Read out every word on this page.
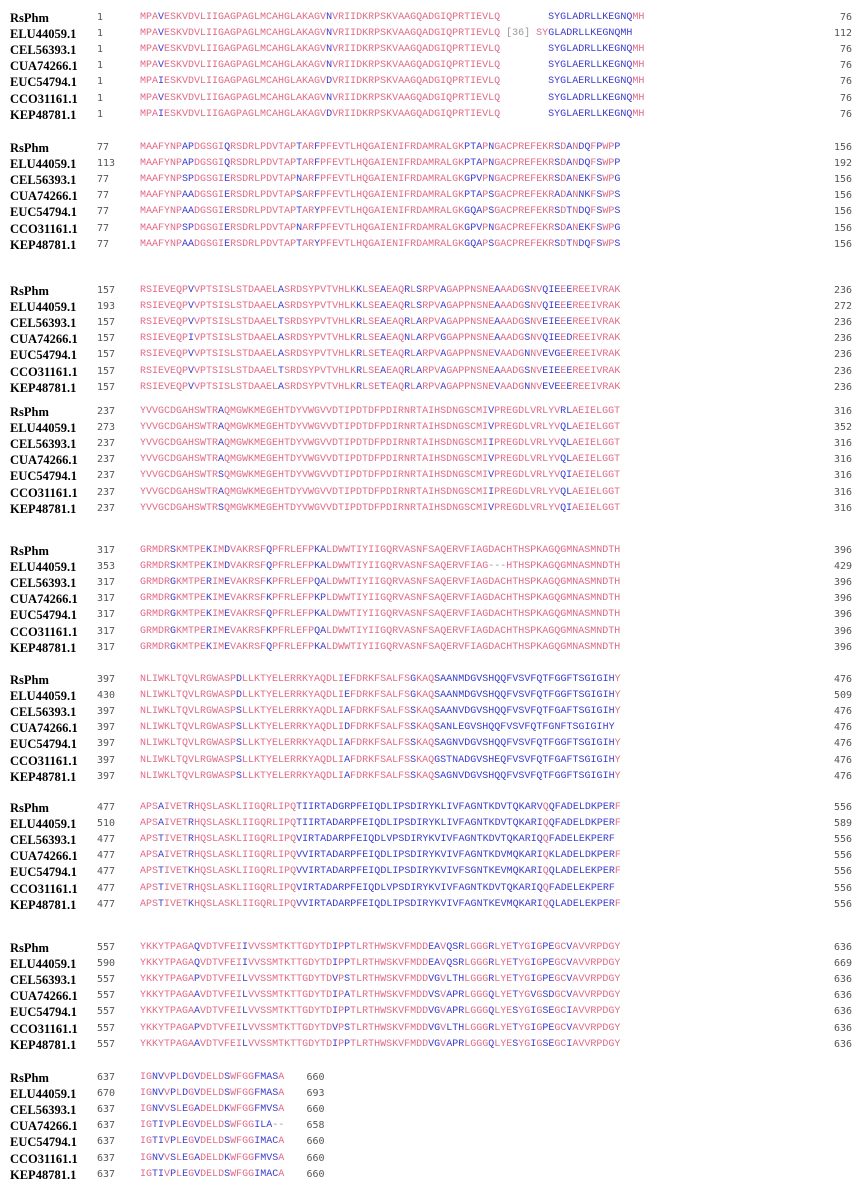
RsPhm	1	MPAVESKVDVLIIGAGPAGLMCAHGLAKAGVNVRIIDKRPSKVAAGQADGIQPRTIEVLQ        SYGLADRLLKEGNQMH	76
ELU44059.1 1	MPAVESKVDVLIIGAGPAGLMCAHGLAKAGVNVRIIDKRPSKVAAGQADGIQPRTIEVLQ [36] SYGLADRLLKEGNQMH	112
CEL56393.1 1	MPAVESKVDVLIIGAGPAGLMCAHGLAKAGVNVRIIDKRPSKVAAGQADGIQPRTIEVLQ        SYGLADRLLKEGNQMH	76
CUA74266.1 1	MPAVESKVDVLIIGAGPAGLMCAHGLAKAGVNVRIIDKRPSKVAAGQADGIQPRTIEVLQ        SYGLAERLLKEGNQMH	76
EUC54794.1 1	MPAIESKVDVLIIGAGPAGLMCAHGLAKAGVDVRIIDKRPSKVAAGQADGIQPRTIEVLQ        SYGLAERLLKEGNQMH	76
CCO31161.1 1	MPAVESKVDVLIIGAGPAGLMCAHGLAKAGVNVRIIDKRPSKVAAGQADGIQPRTIEVLQ        SYGLADRLLKEGNQMH	76
KEP48781.1 1	MPAIESKVDVLIIGAGPAGLMCAHGLAKAGVDVRIIDKRPSKVAAGQADGIQPRTIEVLQ        SYGLAERLLKEGNQMH	76
RsPhm	77	MAAFYNPAPDGSGIQRSDRLPDVTAPTARFPFEVTLHQGAIENIFRDAMRALGKPTAPNGACPREFEKRSDANDQFPWPP	156
ELU44059.1 113	MAAFYNPAPDGSGIQRSDRLPDVTAPTARFPFEVTLHQGAIENIFRDAMRALGKPTAPNGACPREFEKRSDANDQFSWPP	192
CEL56393.1 77	MAAFYNPSPDGSGIERSDRLPDVTAPNARFPFEVTLHQGAIENIFRDAMRALGKGPVPNGACPREFEKRSDANEKFSWPG	156
CUA74266.1 77	MAAFYNPAADGSGIERSDRLPDVTAPSARFPFEVTLHQGAIENIFRDAMRALGKPTAPSGACPREFEKRADANNKFSWPS	156
EUC54794.1 77	MAAFYNPAADGSGIERSDRLPDVTAPTARYPFEVTLHQGAIENIFRDAMRALGKGQAPSGACPREFEKRSDTNDQFSWPS	156
CCO31161.1 77	MAAFYNPSPDGSGIERSDRLPDVTAPNARFPFEVTLHQGAIENIFRDAMRALGKGPVPNGACPREFEKRSDANEKFSWPG	156
KEP48781.1 77	MAAFYNPAADGSGIERSDRLPDVTAPTARYPFEVTLHQGAIENIFRDAMRALGKGQAPSGACPREFEKRSDTNDQFSWPS	156
RsPhm	157	RSIEVEQPVVPTSISLSTDAAELASRDSYPVTVHLKKLSEAEAQRLSRPVAGAPPNSNEAAADGSNVQIEEEREEIVRAK	236
ELU44059.1 193	RSIEVEQPVVPTSISLSTDAAELASRDSYPVTVHLKKLSEAEAQRLSRPVAGAPPNSNEAAADGSNVQIEEEREEIVRAK	272
CEL56393.1 157	RSIEVEQPVVPTSISLSTDAAELTSRDSYPVTVHLKRLSEAEAQRLARPVAGAPPNSNEAAADGSNVEIEEEREEIVRAK	236
CUA74266.1 157	RSIEVEQPIVPTSISLSTDAAELASRDSYPVTVHLKRLSEAEAQNLARPVGGAPPNSNEAAADGSNVQIEEDREEIVRAK	236
EUC54794.1 157	RSIEVEQPVVPTSISLSTDAAELASRDSYPVTVHLKRLSETEAQRLARPVAGAPPNSNEVAADGNNVEVGEEREEIVRAK	236
CCO31161.1 157	RSIEVEQPVVPTSISLSTDAAELTSRDSYPVTVHLKRLSEAEAQRLARPVAGAPPNSNEAAADGSNVEIEEEREEIVRAK	236
KEP48781.1 157	RSIEVEQPVVPTSISLSTDAAELASRDSYPVTVHLKRLSETEAQRLARPVAGAPPNSNEVAADGNNVEVEEEREEIVRAK	236
RsPhm	237	YVVGCDGAHSWTRAQMGWKMEGEHTDYVWGVVDTIPDTDFPDIRNRTAIHSDNGSCMIVPREGDLVRLYVRLAEIELGGT	316
ELU44059.1 273	YVVGCDGAHSWTRAQMGWKMEGEHTDYVWGVVDTIPDTDFPDIRNRTAIHSDNGSCMIVPREGDLVRLYVQLAEIELGGT	352
CEL56393.1 237	YVVGCDGAHSWTRAQMGWKMEGEHTDYVWGVVDTIPDTDFPDIRNRTAIHSDNGSCMIIPREGDLVRLYVQLAEIELGGT	316
CUA74266.1 237	YVVGCDGAHSWTRAQMGWKMEGEHTDYVWGVVDTIPDTDFPDIRNRTAIHSDNGSCMIVPREGDLVRLYVQLAEIELGGT	316
EUC54794.1 237	YVVGCDGAHSWTRSQMGWKMEGEHTDYVWGVVDTIPDTDFPDIRNRTAIHSDNGSCMIVPREGDLVRLYVQIAEIELGGT	316
CCO31161.1 237	YVVGCDGAHSWTRAQMGWKMEGEHTDYVWGVVDTIPDTDFPDIRNRTAIHSDNGSCMIIPREGDLVRLYVQLAEIELGGT	316
KEP48781.1 237	YVVGCDGAHSWTRSQMGWKMEGEHTDYVWGVVDTIPDTDFPDIRNRTAIHSDNGSCMIVPREGDLVRLYVQIAEIELGGT	316
RsPhm	317	GRMDRSKMTPEKIMDVAKRSFQPFRLEFPKALDWWTIYIIGQRVASNFSAQERVFIAGDACHTHSPKAGQGMNASMNDTH	396
ELU44059.1 353	GRMDRSKMTPEKIMDVAKRSFQPFRLEFPKALDWWTIYIIGQRVASNFSAQERVFIAG---HTHSPKAGQGMNASMNDTH	429
CEL56393.1 317	GRMDRGKMTPERIMEVAKRSFKPFRLEFPQALDWWTIYIIGQRVASNFSAQERVFIAGDACHTHSPKAGQGMNASMNDTH	396
CUA74266.1 317	GRMDRGKMTPEKIMEVAKRSFKPFRLEFPKPLDWWTIYIIGQRVASNFSAQERVFIAGDACHTHSPKAGQGMNASMNDTH	396
EUC54794.1 317	GRMDRGKMTPEKIMEVAKRSFQPFRLEFPKALDWWTIYIIGQRVASNFSAQERVFIAGDACHTHSPKAGQGMNASMNDTH	396
CCO31161.1 317	GRMDRGKMTPERIMEVAKRSFKPFRLEFPQALDWWTIYIIGQRVASNFSAQERVFIAGDACHTHSPKAGQGMNASMNDTH	396
KEP48781.1 317	GRMDRGKMTPEKIMEVAKRSFQPFRLEFPKALDWWTIYIIGQRVASNFSAQERVFIAGDACHTHSPKAGQGMNASMNDTH	396
RsPhm	397	NLIWKLTQVLRGWASPDLLKTYELERRKYAQDLIEFDRKFSALFSGKAQSAANMDGVSHQQFVSVFQTFGGFTSGIGIHY	476
ELU44059.1 430	NLIWKLTQVLRGWASPDLLKTYELERRKYAQDLIEFDRKFSALFSGKAQSAANMDGVSHQQFVSVFQTFGGFTSGIGIHY	509
CEL56393.1 397	NLIWKLTQVLRGWASPSLLKTYELERRKYAQDLIAFDRKFSALFSSKAQSAANVDGVSHQQFVSVFQTFGAFTSGIGIHY	476
CUA74266.1 397	NLIWKLTQVLRGWASPSLLKTYELERRKYAQDLIDFDRKFSALFSSKAQSANLEGVSHQQFVSVFQTFGNFTSGIGIHY	476
EUC54794.1 397	NLIWKLTQVLRGWASPSLLKTYELERRKYAQDLIAFDRKFSALFSSKAQSAGNVDGVSHQQFVSVFQTFGGFTSGIGIHY	476
CCO31161.1 397	NLIWKLTQVLRGWASPSLLKTYELERRKYAQDLIAFDRKFSALFSSKAQGSTNADGVSHEQFVSVFQTFGAFTSGIGIHY	476
KEP48781.1 397	NLIWKLTQVLRGWASPSLLKTYELERRKYAQDLIAFDRKFSALFSSKAQSAGNVDGVSHQQFVSVFQTFGGFTSGIGIHY	476
RsPhm	477	APSAIVETRHQSLASKLIIGQRLIPQTIIRTADGRPFEIQDLIPSDIRYKLIVFAGNTKDVTQKARVQQFADELDKPERF	556
ELU44059.1 510	APSAIVETRHQSLASKLIIGQRLIPQTIIRTADARPFEIQDLIPSDIRYKLIVFAGNTKDVTQKARIQQFADELDKPERF	589
CEL56393.1 477	APSTIVETRHQSLASKLIIGQRLIPQVIRTADARPFEIQDLVPSDIRYKVIVFAGNTKDVTQKARIQQFADELEKPERF	556
CUA74266.1 477	APSAIVETRHQSLASKLIIGQRLIPQVVIRTADARPFEIQDLIPSDIRYKVIVFAGNTKDVMQKARIQKLADELDKPERF	556
EUC54794.1 477	APSTIVETKHQSLASKLIIGQRLIPQVVIRTADARPFEIQDLIPSDIRYKVIVFSGNTKEVMQKARIQQLADELEKPERF	556
CCO31161.1 477	APSTIVETRHQSLASKLIIGQRLIPQVIRTADARPFEIQDLVPSDIRYKVIVFAGNTKDVTQKARIQQFADELEKPERF	556
KEP48781.1 477	APSTIVETKHQSLASKLIIGQRLIPQVVIRTADARPFEIQDLIPSDIRYKVIVFAGNTKEVMQKARIQQLADELEKPERF	556
RsPhm	557	YKKYTPAGAQVDTVFEIIVVSSMTKTTGDYTDIPPTLRTHWSKVFMDDEAVQSRLGGGRLYETYGIGPEGCVAVVRPDGY	636
ELU44059.1 590	YKKYTPAGAQVDTVFEIIVVSSMTKTTGDYTDIPPTLRTHWSKVFMDDEAVQSRLGGGRLYETYGIGPEGCVAVVRPDGY	669
CEL56393.1 557	YKKYTPAGAPVDTVFEILVVSSMTKTTGDYTDVPSTLRTHWSKVFMDDVGVLTHLGGGRLYETYGIGPEGCVAVVRPDGY	636
CUA74266.1 557	YKKYTPAGAAVDTVFEILVVSSMTKTTGDYTDIPATLRTHWSKVFMDDVSVAPRLGGGQLYETYGVGSDGCVAVVRPDGY	636
EUC54794.1 557	YKKYTPAGAAVDTVFEILVVSSMTKTTGDYTDIPPTLRTHWSKVFMDDVGVAPRLGGGQLYESYGIGSEGCIAVVRPDGY	636
CCO31161.1 557	YKKYTPAGAPVDTVFEILVVSSMTKTTGDYTDVPSTLRTHWSKVFMDDVGVLTHLGGGRLYETYGIGPEGCVAVVRPDGY	636
KEP48781.1 557	YKKYTPAGAAVDTVFEILVVSSMTKTTGDYTDIPPTLRTHWSKVFMDDVGVAPRLGGGQLYESYGIGSEGCIAVVRPDGY	636
RsPhm	637	IGNVVPLDGVDELDSWFGGFMASA 660
ELU44059.1 670	IGNVVPLDGVDELDSWFGGFMASA 693
CEL56393.1 637	IGNVVSLEGADELDKWFGGFMVSA 660
CUA74266.1 637	IGTIVPLEGVDELDSWFGGILA-- 658
EUC54794.1 637	IGTIVPLEGVDELDSWFGGIMACA 660
CCO31161.1 637	IGNVVSLEGADELDKWFGGFMVSA 660
KEP48781.1 637	IGTIVPLEGVDELDSWFGGIMACA 660
